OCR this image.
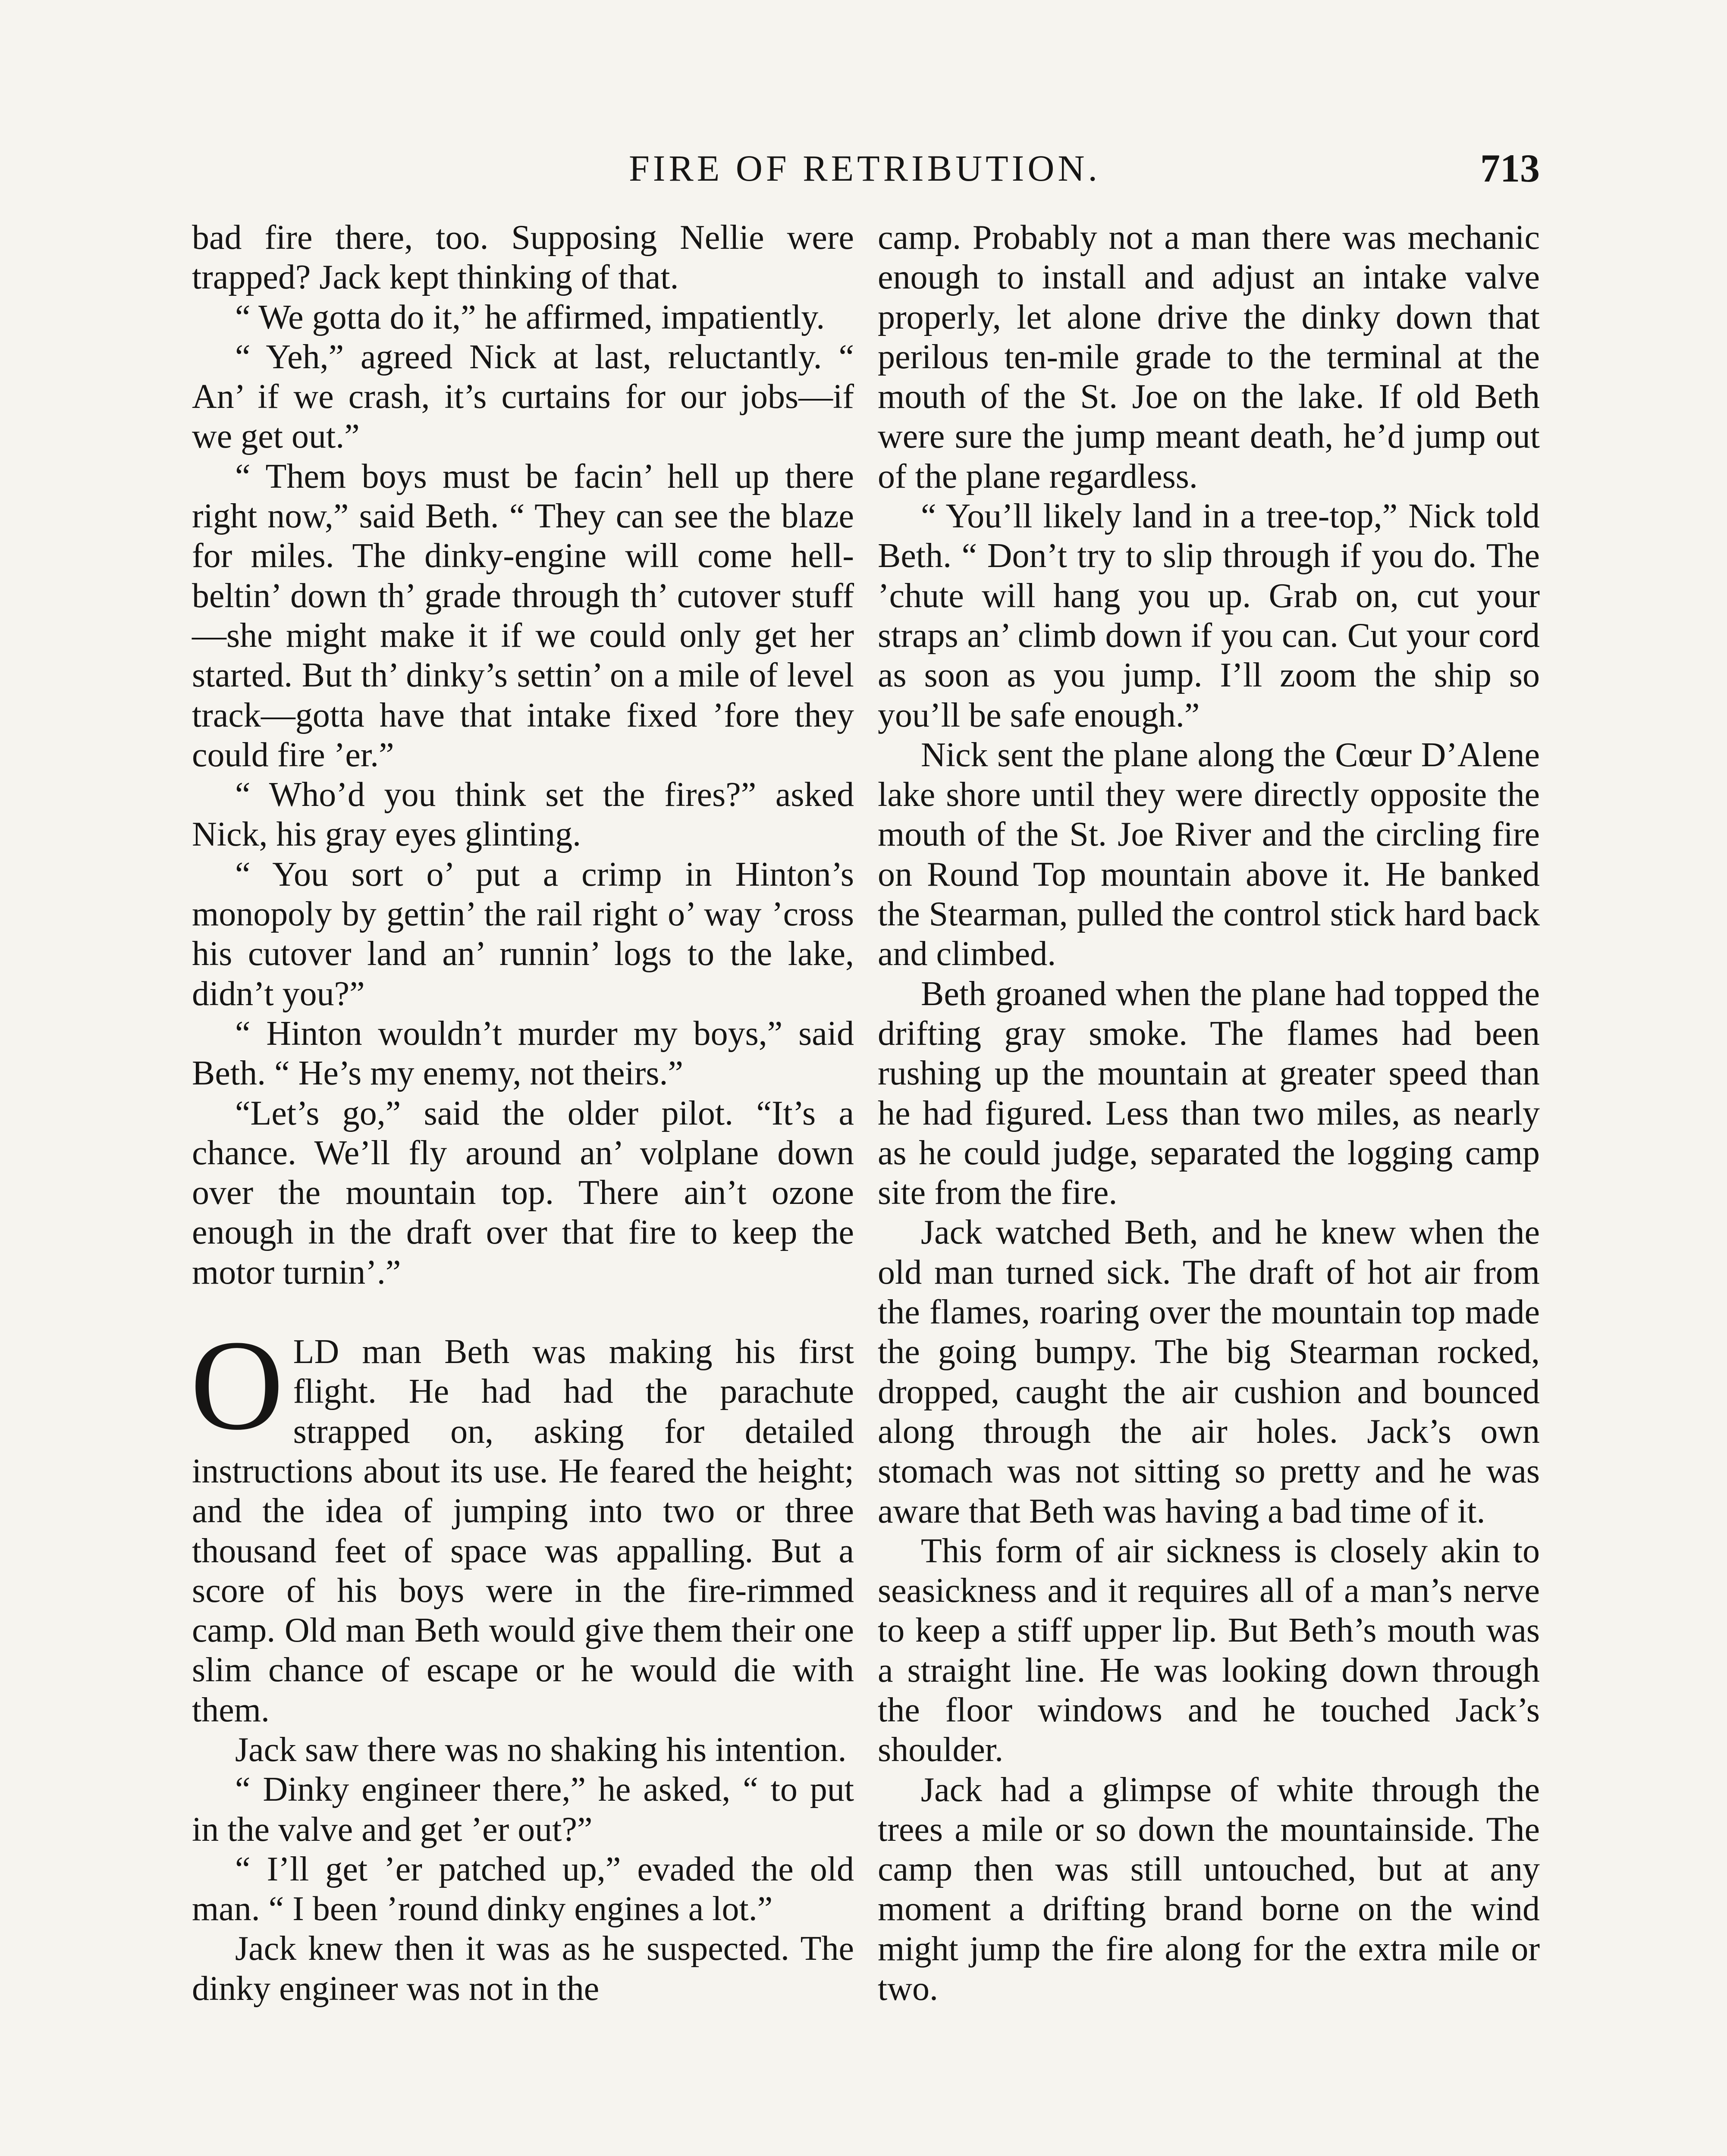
FIRE OF RETRIBUTION.	713

bad fire there, too. Supposing Nellie were trapped? Jack kept thinking of that.

“ We gotta do it,” he affirmed, impatiently.

“ Yeh,” agreed Nick at last, reluctantly. “ An’ if we crash, it’s curtains for our jobs—if we get out.”

“ Them boys must be facin’ hell up there right now,” said Beth. “ They can see the blaze for miles. The dinky-engine will come hell-beltin’ down th’ grade through th’ cutover stuff—she might make it if we could only get her started. But th’ dinky’s settin’ on a mile of level track—gotta have that intake fixed ’fore they could fire ’er.”

“ Who’d you think set the fires?” asked Nick, his gray eyes glinting.

“ You sort o’ put a crimp in Hinton’s monopoly by gettin’ the rail right o’ way ’cross his cutover land an’ runnin’ logs to the lake, didn’t you?”

“ Hinton wouldn’t murder my boys,” said Beth. “ He’s my enemy, not theirs.”

“Let’s go,” said the older pilot. “It’s a chance. We’ll fly around an’ volplane down over the mountain top. There ain’t ozone enough in the draft over that fire to keep the motor turnin’.”

OLD man Beth was making his first flight. He had had the parachute strapped on, asking for detailed instructions about its use. He feared the height; and the idea of jumping into two or three thousand feet of space was appalling. But a score of his boys were in the fire-rimmed camp. Old man Beth would give them their one slim chance of escape or he would die with them.

Jack saw there was no shaking his intention.

“ Dinky engineer there,” he asked, “ to put in the valve and get ’er out?”

“ I’ll get ’er patched up,” evaded the old man. “ I been ’round dinky engines a lot.”

Jack knew then it was as he suspected. The dinky engineer was not in the

camp. Probably not a man there was mechanic enough to install and adjust an intake valve properly, let alone drive the dinky down that perilous ten-mile grade to the terminal at the mouth of the St. Joe on the lake. If old Beth were sure the jump meant death, he’d jump out of the plane regardless.

“ You’ll likely land in a tree-top,” Nick told Beth. “ Don’t try to slip through if you do. The ’chute will hang you up. Grab on, cut your straps an’ climb down if you can. Cut your cord as soon as you jump. I’ll zoom the ship so you’ll be safe enough.”

Nick sent the plane along the Cœur D’Alene lake shore until they were directly opposite the mouth of the St. Joe River and the circling fire on Round Top mountain above it. He banked the Stearman, pulled the control stick hard back and climbed.

Beth groaned when the plane had topped the drifting gray smoke. The flames had been rushing up the mountain at greater speed than he had figured. Less than two miles, as nearly as he could judge, separated the logging camp site from the fire.

Jack watched Beth, and he knew when the old man turned sick. The draft of hot air from the flames, roaring over the mountain top made the going bumpy. The big Stearman rocked, dropped, caught the air cushion and bounced along through the air holes. Jack’s own stomach was not sitting so pretty and he was aware that Beth was having a bad time of it.

This form of air sickness is closely akin to seasickness and it requires all of a man’s nerve to keep a stiff upper lip. But Beth’s mouth was a straight line. He was looking down through the floor windows and he touched Jack’s shoulder.

Jack had a glimpse of white through the trees a mile or so down the mountainside. The camp then was still untouched, but at any moment a drifting brand borne on the wind might jump the fire along for the extra mile or two.
